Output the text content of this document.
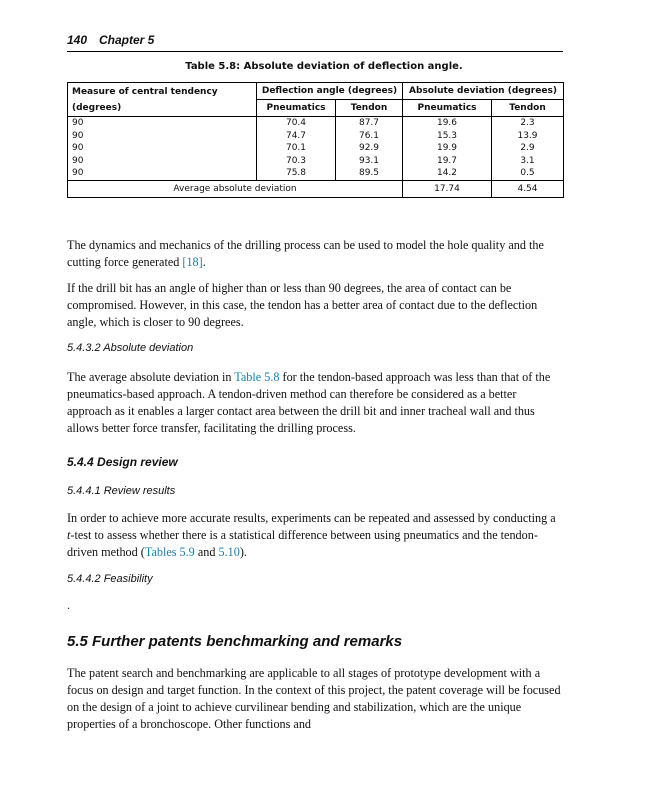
140 Chapter 5
Table 5.8: Absolute deviation of deflection angle.
Measure of central tendency (degrees)	Deflection angle (degrees)		Absolute deviation (degrees)	
	Pneumatics	Tendon	Pneumatics	Tendon
90	70.4	87.7	19.6	2.3
90	74.7	76.1	15.3	13.9
90	70.1	92.9	19.9	2.9
90	70.3	93.1	19.7	3.1
90	75.8	89.5	14.2	0.5
Average absolute deviation			17.74	4.54

The dynamics and mechanics of the drilling process can be used to model the hole quality and the cutting force generated [18].

If the drill bit has an angle of higher than or less than 90 degrees, the area of contact can be compromised. However, in this case, the tendon has a better area of contact due to the deflection angle, which is closer to 90 degrees.

5.4.3.2 Absolute deviation

The average absolute deviation in Table 5.8 for the tendon-based approach was less than that of the pneumatics-based approach. A tendon-driven method can therefore be considered as a better approach as it enables a larger contact area between the drill bit and inner tracheal wall and thus allows better force transfer, facilitating the drilling process.

5.4.4 Design review
5.4.4.1 Review results

In order to achieve more accurate results, experiments can be repeated and assessed by conducting a t-test to assess whether there is a statistical difference between using pneumatics and the tendon-driven method (Tables 5.9 and 5.10).

5.4.4.2 Feasibility
.
5.5 Further patents benchmarking and remarks

The patent search and benchmarking are applicable to all stages of prototype development with a focus on design and target function. In the context of this project, the patent coverage will be focused on the design of a joint to achieve curvilinear bending and stabilization, which are the unique properties of a bronchoscope. Other functions and
